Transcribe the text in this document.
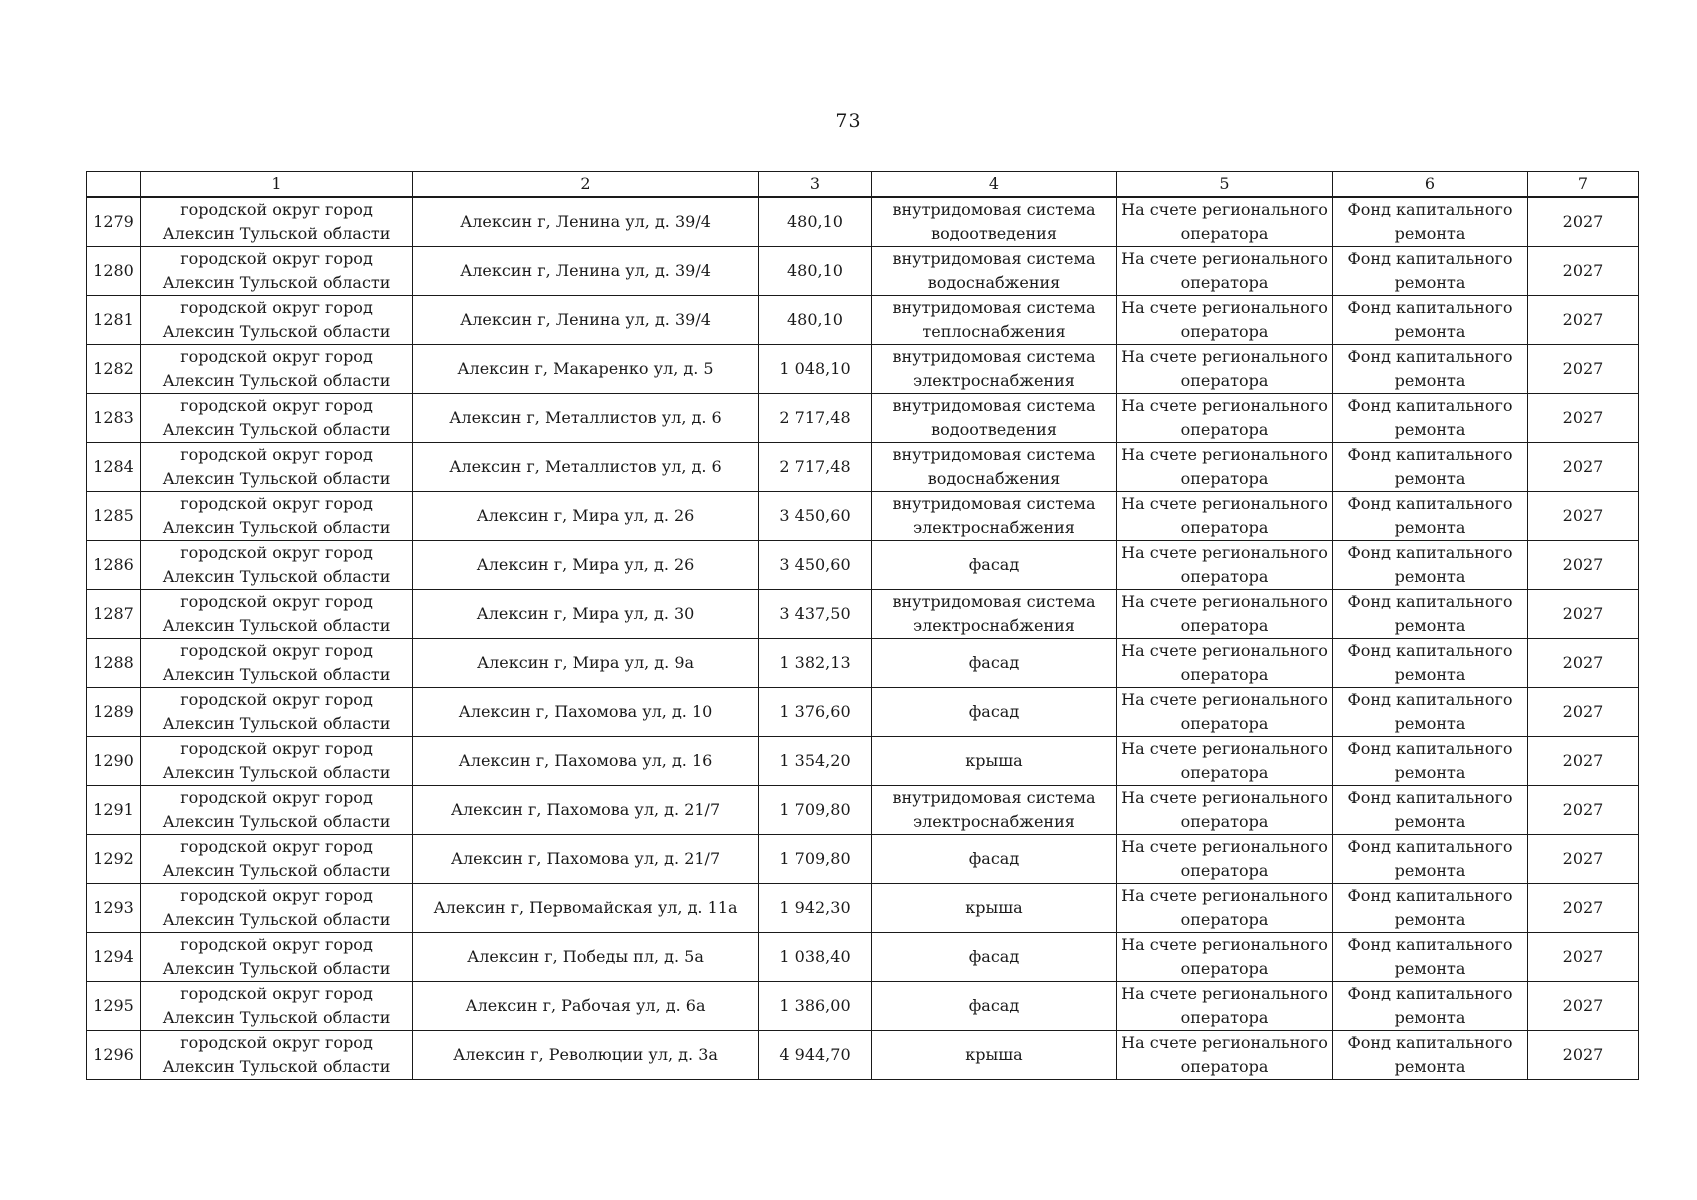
73
	1	2	3	4	5	6	7
1279	городской округ город Алексин Тульской области	Алексин г, Ленина ул, д. 39/4	480,10	внутридомовая система водоотведения	На счете регионального оператора	Фонд капитального ремонта	2027
1280	городской округ город Алексин Тульской области	Алексин г, Ленина ул, д. 39/4	480,10	внутридомовая система водоснабжения	На счете регионального оператора	Фонд капитального ремонта	2027
1281	городской округ город Алексин Тульской области	Алексин г, Ленина ул, д. 39/4	480,10	внутридомовая система теплоснабжения	На счете регионального оператора	Фонд капитального ремонта	2027
1282	городской округ город Алексин Тульской области	Алексин г, Макаренко ул, д. 5	1 048,10	внутридомовая система электроснабжения	На счете регионального оператора	Фонд капитального ремонта	2027
1283	городской округ город Алексин Тульской области	Алексин г, Металлистов ул, д. 6	2 717,48	внутридомовая система водоотведения	На счете регионального оператора	Фонд капитального ремонта	2027
1284	городской округ город Алексин Тульской области	Алексин г, Металлистов ул, д. 6	2 717,48	внутридомовая система водоснабжения	На счете регионального оператора	Фонд капитального ремонта	2027
1285	городской округ город Алексин Тульской области	Алексин г, Мира ул, д. 26	3 450,60	внутридомовая система электроснабжения	На счете регионального оператора	Фонд капитального ремонта	2027
1286	городской округ город Алексин Тульской области	Алексин г, Мира ул, д. 26	3 450,60	фасад	На счете регионального оператора	Фонд капитального ремонта	2027
1287	городской округ город Алексин Тульской области	Алексин г, Мира ул, д. 30	3 437,50	внутридомовая система электроснабжения	На счете регионального оператора	Фонд капитального ремонта	2027
1288	городской округ город Алексин Тульской области	Алексин г, Мира ул, д. 9а	1 382,13	фасад	На счете регионального оператора	Фонд капитального ремонта	2027
1289	городской округ город Алексин Тульской области	Алексин г, Пахомова ул, д. 10	1 376,60	фасад	На счете регионального оператора	Фонд капитального ремонта	2027
1290	городской округ город Алексин Тульской области	Алексин г, Пахомова ул, д. 16	1 354,20	крыша	На счете регионального оператора	Фонд капитального ремонта	2027
1291	городской округ город Алексин Тульской области	Алексин г, Пахомова ул, д. 21/7	1 709,80	внутридомовая система электроснабжения	На счете регионального оператора	Фонд капитального ремонта	2027
1292	городской округ город Алексин Тульской области	Алексин г, Пахомова ул, д. 21/7	1 709,80	фасад	На счете регионального оператора	Фонд капитального ремонта	2027
1293	городской округ город Алексин Тульской области	Алексин г, Первомайская ул, д. 11а	1 942,30	крыша	На счете регионального оператора	Фонд капитального ремонта	2027
1294	городской округ город Алексин Тульской области	Алексин г, Победы пл, д. 5а	1 038,40	фасад	На счете регионального оператора	Фонд капитального ремонта	2027
1295	городской округ город Алексин Тульской области	Алексин г, Рабочая ул, д. 6а	1 386,00	фасад	На счете регионального оператора	Фонд капитального ремонта	2027
1296	городской округ город Алексин Тульской области	Алексин г, Революции ул, д. 3а	4 944,70	крыша	На счете регионального оператора	Фонд капитального ремонта	2027
